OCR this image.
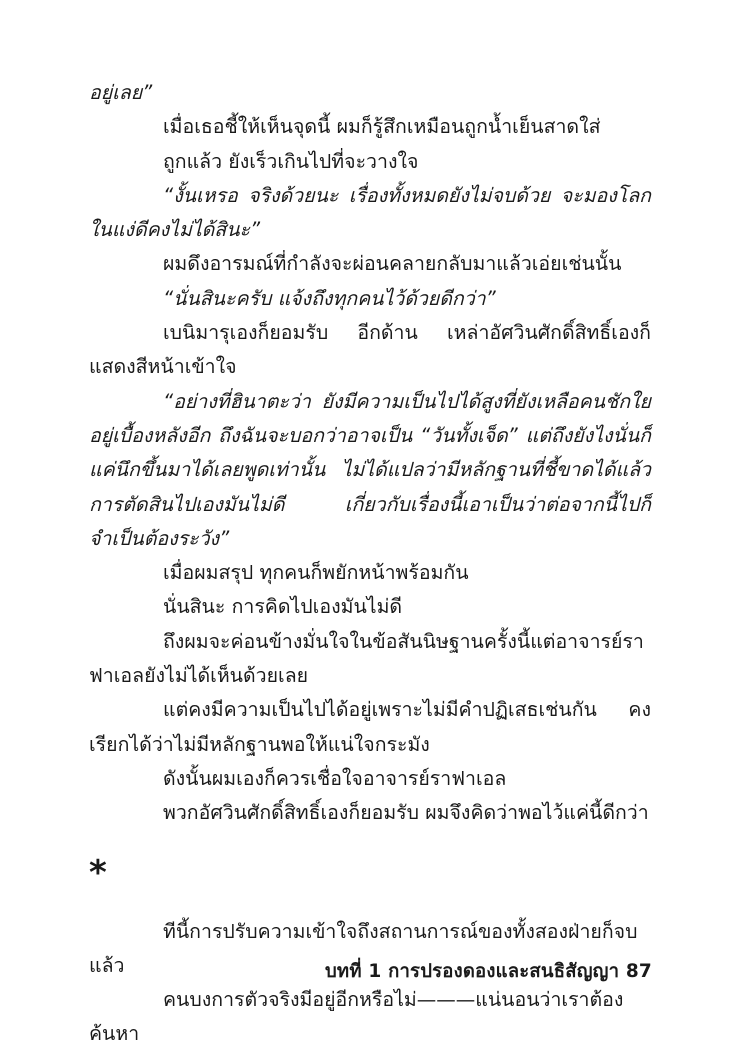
อยู่เลย”

เมื่อเธอชี้ให้เห็นจุดนี้ ผมก็รู้สึกเหมือนถูกน้ำเย็นสาดใส่

ถูกแล้ว ยังเร็วเกินไปที่จะวางใจ

“งั้นเหรอ จริงด้วยนะ เรื่องทั้งหมดยังไม่จบด้วย จะมองโลกในแง่ดีคงไม่ได้สินะ”

ผมดึงอารมณ์ที่กำลังจะผ่อนคลายกลับมาแล้วเอ่ยเช่นนั้น

“นั่นสินะครับ แจ้งถึงทุกคนไว้ด้วยดีกว่า”

เบนิมารุเองก็ยอมรับ อีกด้าน เหล่าอัศวินศักดิ์สิทธิ์เองก็แสดงสีหน้าเข้าใจ

“อย่างที่ฮินาตะว่า ยังมีความเป็นไปได้สูงที่ยังเหลือคนชักใยอยู่เบื้องหลังอีก ถึงฉันจะบอกว่าอาจเป็น “วันทั้งเจ็ด” แต่ถึงยังไงนั่นก็แค่นึกขึ้นมาได้เลยพูดเท่านั้น ไม่ได้แปลว่ามีหลักฐานที่ชี้ขาดได้แล้ว การตัดสินไปเองมันไม่ดี เกี่ยวกับเรื่องนี้เอาเป็นว่าต่อจากนี้ไปก็จำเป็นต้องระวัง”

เมื่อผมสรุป ทุกคนก็พยักหน้าพร้อมกัน

นั่นสินะ การคิดไปเองมันไม่ดี

ถึงผมจะค่อนข้างมั่นใจในข้อสันนิษฐานครั้งนี้แต่อาจารย์ราฟาเอลยังไม่ได้เห็นด้วยเลย

แต่คงมีความเป็นไปได้อยู่เพราะไม่มีคำปฏิเสธเช่นกัน คงเรียกได้ว่าไม่มีหลักฐานพอให้แน่ใจกระมัง

ดังนั้นผมเองก็ควรเชื่อใจอาจารย์ราฟาเอล

พวกอัศวินศักดิ์สิทธิ์เองก็ยอมรับ ผมจึงคิดว่าพอไว้แค่นี้ดีกว่า

*

ทีนี้การปรับความเข้าใจถึงสถานการณ์ของทั้งสองฝ่ายก็จบแล้ว

คนบงการตัวจริงมีอยู่อีกหรือไม่———แน่นอนว่าเราต้องค้นหา

บทที่ 1 การปรองดองและสนธิสัญญา 87
